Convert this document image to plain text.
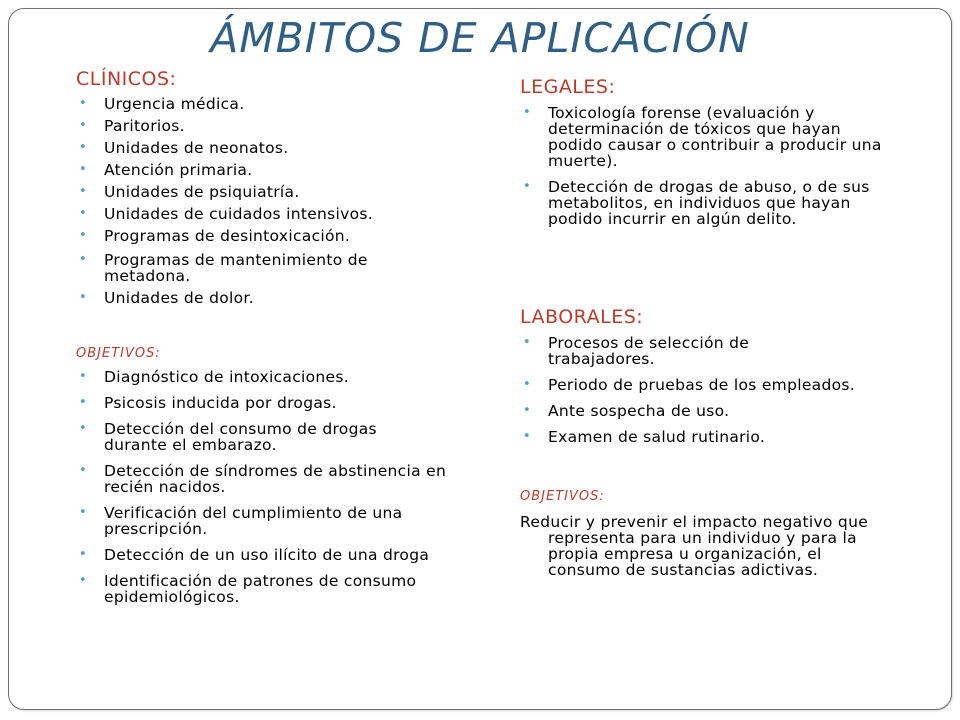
ÁMBITOS DE APLICACIÓN
CLÍNICOS:
• Urgencia médica.
• Paritorios.
• Unidades de neonatos.
• Atención primaria.
• Unidades de psiquiatría.
• Unidades de cuidados intensivos.
• Programas de desintoxicación.
• Programas de mantenimiento de metadona.
• Unidades de dolor.

OBJETIVOS:

• Diagnóstico de intoxicaciones.
• Psicosis inducida por drogas.
• Detección del consumo de drogas durante el embarazo.
• Detección de síndromes de abstinencia en recién nacidos.
• Verificación del cumplimiento de una prescripción.
• Detección de un uso ilícito de una droga
• Identificación de patrones de consumo epidemiológicos.
LEGALES:
• Toxicología forense (evaluación y determinación de tóxicos que hayan podido causar o contribuir a producir una muerte).
• Detección de drogas de abuso, o de sus metabolitos, en individuos que hayan podido incurrir en algún delito.
LABORALES:
• Procesos de selección de trabajadores.
• Periodo de pruebas de los empleados.
• Ante sospecha de uso.
• Examen de salud rutinario.

OBJETIVOS:

Reducir y prevenir el impacto negativo que representa para un individuo y para la propia empresa u organización, el consumo de sustancias adictivas.
